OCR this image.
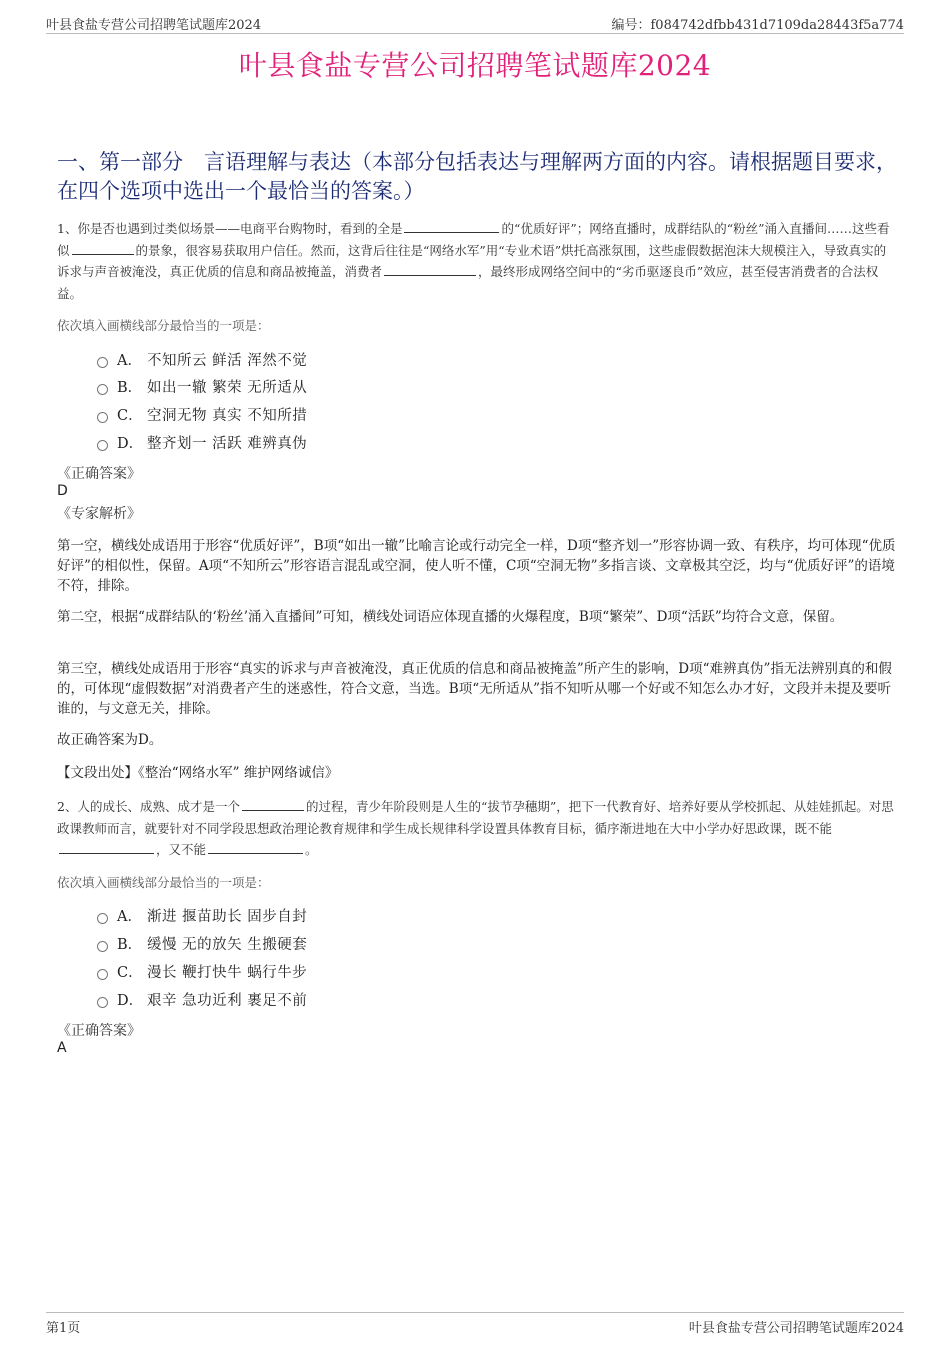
叶县食盐专营公司招聘笔试题库2024	编号：f084742dfbb431d7109da28443f5a774
叶县食盐专营公司招聘笔试题库2024
一、第一部分　言语理解与表达（本部分包括表达与理解两方面的内容。请根据题目要求，在四个选项中选出一个最恰当的答案。）
1、你是否也遇到过类似场景——电商平台购物时，看到的全是	的“优质好评”；网络直播时，成群结队的“粉丝”涌入直播间……这些看似	的景象，很容易获取用户信任。然而，这背后往往是“网络水军”用“专业术语”烘托高涨氛围，这些虚假数据泡沫大规模注入，导致真实的诉求与声音被淹没，真正优质的信息和商品被掩盖，消费者	，最终形成网络空间中的“劣币驱逐良币”效应，甚至侵害消费者的合法权益。
依次填入画横线部分最恰当的一项是：
A． 不知所云 鲜活 浑然不觉
B． 如出一辙 繁荣 无所适从
C． 空洞无物 真实 不知所措
D． 整齐划一 活跃 难辨真伪
《正确答案》
D
《专家解析》
第一空，横线处成语用于形容“优质好评”，B项“如出一辙”比喻言论或行动完全一样，D项“整齐划一”形容协调一致、有秩序，均可体现“优质好评”的相似性，保留。A项“不知所云”形容语言混乱或空洞，使人听不懂，C项“空洞无物”多指言谈、文章极其空泛，均与“优质好评”的语境不符，排除。
第二空，根据“成群结队的‘粉丝’涌入直播间”可知，横线处词语应体现直播的火爆程度，B项“繁荣”、D项“活跃”均符合文意，保留。
第三空，横线处成语用于形容“真实的诉求与声音被淹没，真正优质的信息和商品被掩盖”所产生的影响，D项“难辨真伪”指无法辨别真的和假的，可体现“虚假数据”对消费者产生的迷惑性，符合文意，当选。B项“无所适从”指不知听从哪一个好或不知怎么办才好，文段并未提及要听谁的，与文意无关，排除。
故正确答案为D。
【文段出处】《整治“网络水军” 维护网络诚信》
2、人的成长、成熟、成才是一个	的过程，青少年阶段则是人生的“拔节孕穗期”，把下一代教育好、培养好要从学校抓起、从娃娃抓起。对思政课教师而言，就要针对不同学段思想政治理论教育规律和学生成长规律科学设置具体教育目标，循序渐进地在大中小学办好思政课，既不能，又不能	。
依次填入画横线部分最恰当的一项是：
A． 渐进 揠苗助长 固步自封
B． 缓慢 无的放矢 生搬硬套
C． 漫长 鞭打快牛 蜗行牛步
D． 艰辛 急功近利 裹足不前
《正确答案》
A
第1页	叶县食盐专营公司招聘笔试题库2024
